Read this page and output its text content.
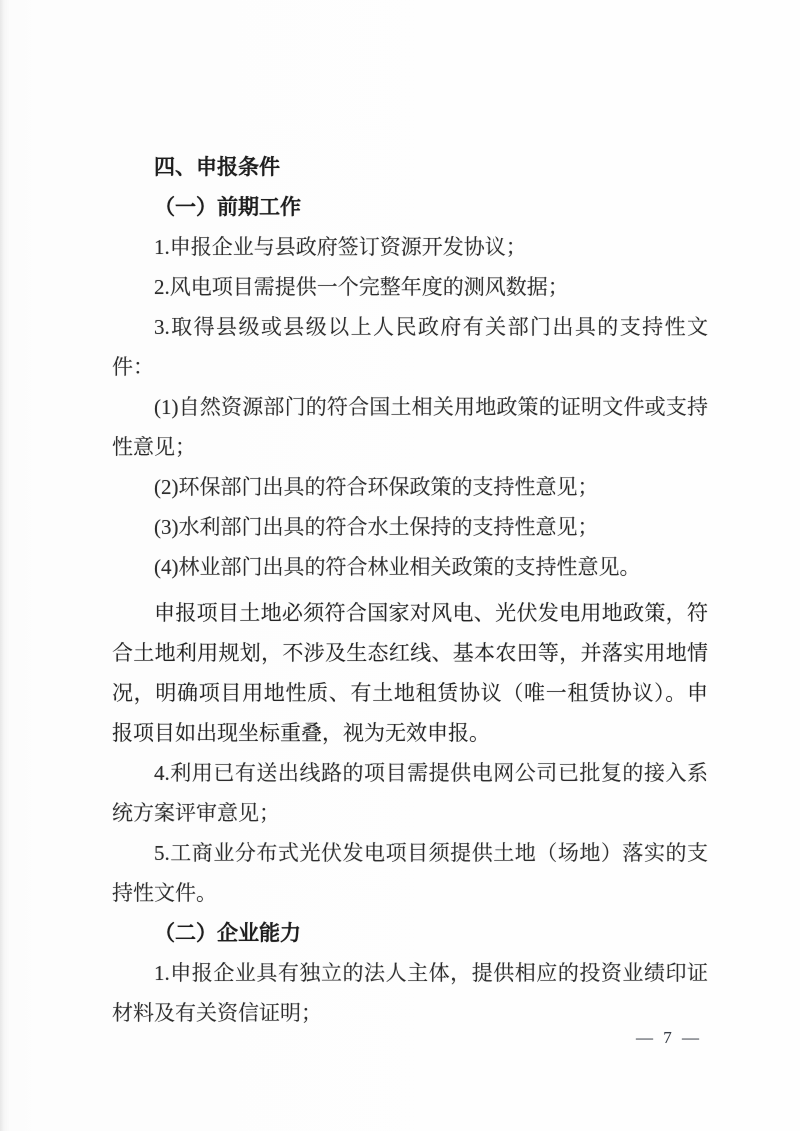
四、申报条件

（一）前期工作

1.申报企业与县政府签订资源开发协议；

2.风电项目需提供一个完整年度的测风数据；

3.取得县级或县级以上人民政府有关部门出具的支持性文件：

(1)自然资源部门的符合国土相关用地政策的证明文件或支持性意见；

(2)环保部门出具的符合环保政策的支持性意见；

(3)水利部门出具的符合水土保持的支持性意见；

(4)林业部门出具的符合林业相关政策的支持性意见。

申报项目土地必须符合国家对风电、光伏发电用地政策，符合土地利用规划，不涉及生态红线、基本农田等，并落实用地情况，明确项目用地性质、有土地租赁协议（唯一租赁协议）。申报项目如出现坐标重叠，视为无效申报。

4.利用已有送出线路的项目需提供电网公司已批复的接入系统方案评审意见；

5.工商业分布式光伏发电项目须提供土地（场地）落实的支持性文件。

（二）企业能力

1.申报企业具有独立的法人主体，提供相应的投资业绩印证材料及有关资信证明；

— 7 —
